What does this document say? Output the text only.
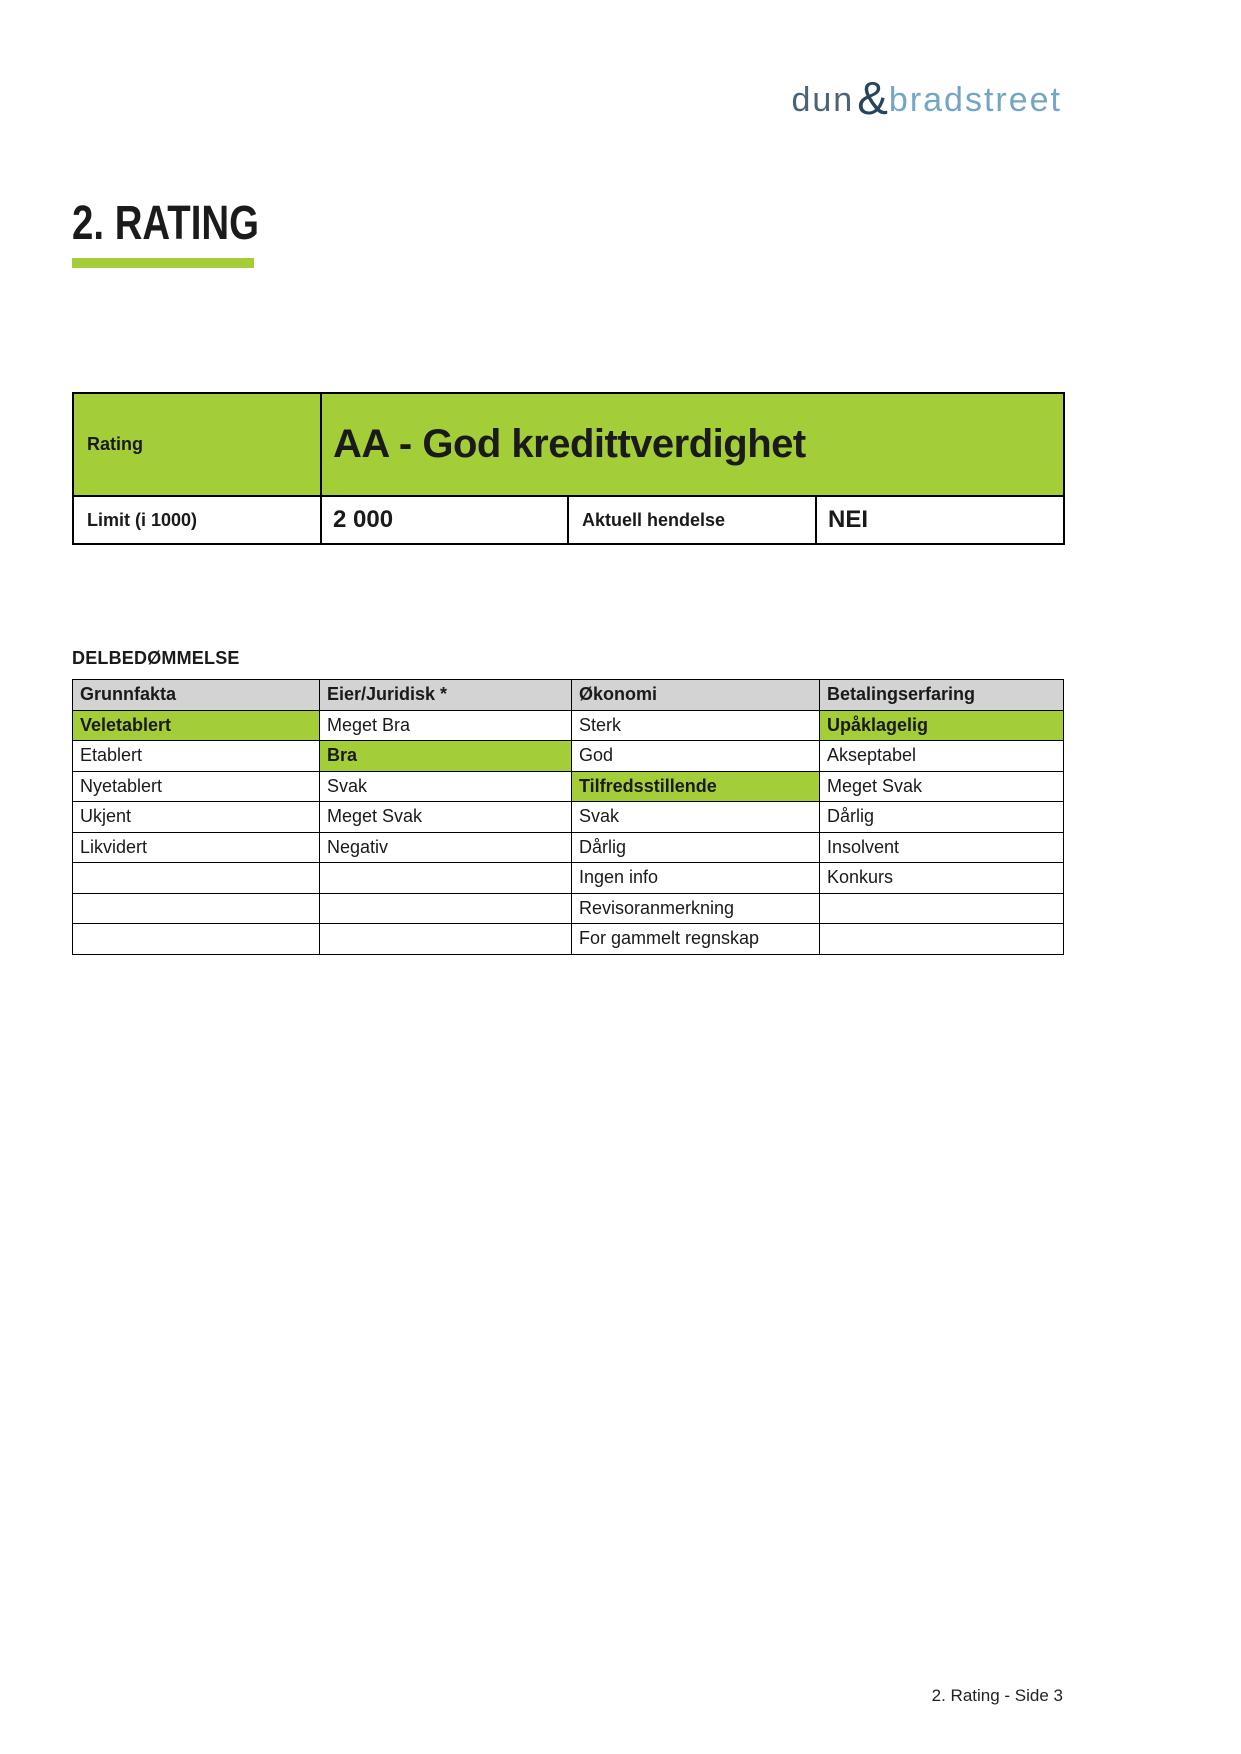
dun & bradstreet
2. RATING
Rating	AA - God kredittverdighet		
Limit (i 1000)	2 000	Aktuell hendelse	NEI
DELBEDØMMELSE
Grunnfakta	Eier/Juridisk *	Økonomi	Betalingserfaring
Veletablert	Meget Bra	Sterk	Upåklagelig
Etablert	Bra	God	Akseptabel
Nyetablert	Svak	Tilfredsstillende	Meget Svak
Ukjent	Meget Svak	Svak	Dårlig
Likvidert	Negativ	Dårlig	Insolvent
		Ingen info	Konkurs
		Revisoranmerkning	
		For gammelt regnskap	
2. Rating - Side 3
